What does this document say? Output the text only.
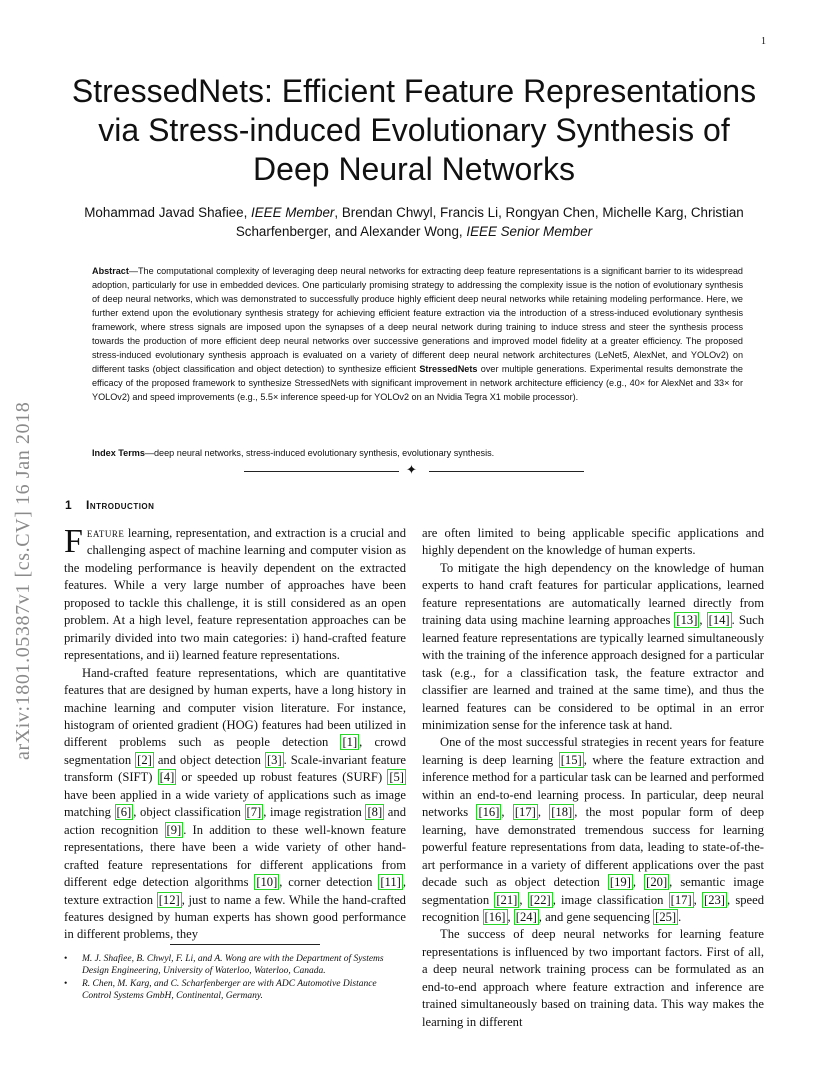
1
arXiv:1801.05387v1 [cs.CV] 16 Jan 2018
StressedNets: Efficient Feature Representations via Stress-induced Evolutionary Synthesis of Deep Neural Networks
Mohammad Javad Shafiee, IEEE Member, Brendan Chwyl, Francis Li, Rongyan Chen, Michelle Karg, Christian Scharfenberger, and Alexander Wong, IEEE Senior Member
Abstract—The computational complexity of leveraging deep neural networks for extracting deep feature representations is a significant barrier to its widespread adoption, particularly for use in embedded devices. One particularly promising strategy to addressing the complexity issue is the notion of evolutionary synthesis of deep neural networks, which was demonstrated to successfully produce highly efficient deep neural networks while retaining modeling performance. Here, we further extend upon the evolutionary synthesis strategy for achieving efficient feature extraction via the introduction of a stress-induced evolutionary synthesis framework, where stress signals are imposed upon the synapses of a deep neural network during training to induce stress and steer the synthesis process towards the production of more efficient deep neural networks over successive generations and improved model fidelity at a greater efficiency. The proposed stress-induced evolutionary synthesis approach is evaluated on a variety of different deep neural network architectures (LeNet5, AlexNet, and YOLOv2) on different tasks (object classification and object detection) to synthesize efficient StressedNets over multiple generations. Experimental results demonstrate the efficacy of the proposed framework to synthesize StressedNets with significant improvement in network architecture efficiency (e.g., 40× for AlexNet and 33× for YOLOv2) and speed improvements (e.g., 5.5× inference speed-up for YOLOv2 on an Nvidia Tegra X1 mobile processor).
Index Terms—deep neural networks, stress-induced evolutionary synthesis, evolutionary synthesis.
✦
1 Introduction

Feature learning, representation, and extraction is a crucial and challenging aspect of machine learning and computer vision as the modeling performance is heavily dependent on the extracted features. While a very large number of approaches have been proposed to tackle this challenge, it is still considered as an open problem. At a high level, feature representation approaches can be primarily divided into two main categories: i) hand-crafted feature representations, and ii) learned feature representations.

Hand-crafted feature representations, which are quantitative features that are designed by human experts, have a long history in machine learning and computer vision literature. For instance, histogram of oriented gradient (HOG) features had been utilized in different problems such as people detection [1] , crowd segmentation [2] and object detection [3] . Scale-invariant feature transform (SIFT) [4] or speeded up robust features (SURF) [5] have been applied in a wide variety of applications such as image matching [6] , object classification [7] , image registration [8] and action recognition [9] . In addition to these well-known feature representations, there have been a wide variety of other hand-crafted feature representations for different applications from different edge detection algorithms [10] , corner detection [11] , texture extraction [12] , just to name a few. While the hand-crafted features designed by human experts has shown good performance in different problems, they

are often limited to being applicable specific applications and highly dependent on the knowledge of human experts.

To mitigate the high dependency on the knowledge of human experts to hand craft features for particular applications, learned feature representations are automatically learned directly from training data using machine learning approaches [13] , [14] . Such learned feature representations are typically learned simultaneously with the training of the inference approach designed for a particular task (e.g., for a classification task, the feature extractor and classifier are learned and trained at the same time), and thus the learned features can be considered to be optimal in an error minimization sense for the inference task at hand.

One of the most successful strategies in recent years for feature learning is deep learning [15] , where the feature extraction and inference method for a particular task can be learned and performed within an end-to-end learning process. In particular, deep neural networks [16] , [17] , [18] , the most popular form of deep learning, have demonstrated tremendous success for learning powerful feature representations from data, leading to state-of-the-art performance in a variety of different applications over the past decade such as object detection [19] , [20] , semantic image segmentation [21] , [22] , image classification [17] , [23] , speed recognition [16] , [24] , and gene sequencing [25] .

The success of deep neural networks for learning feature representations is influenced by two important factors. First of all, a deep neural network training process can be formulated as an end-to-end approach where feature extraction and inference are trained simultaneously based on training data. This way makes the learning in different

• M. J. Shafiee, B. Chwyl, F. Li, and A. Wong are with the Department of Systems Design Engineering, University of Waterloo, Waterloo, Canada.
• R. Chen, M. Karg, and C. Scharfenberger are with ADC Automotive Distance Control Systems GmbH, Continental, Germany.
